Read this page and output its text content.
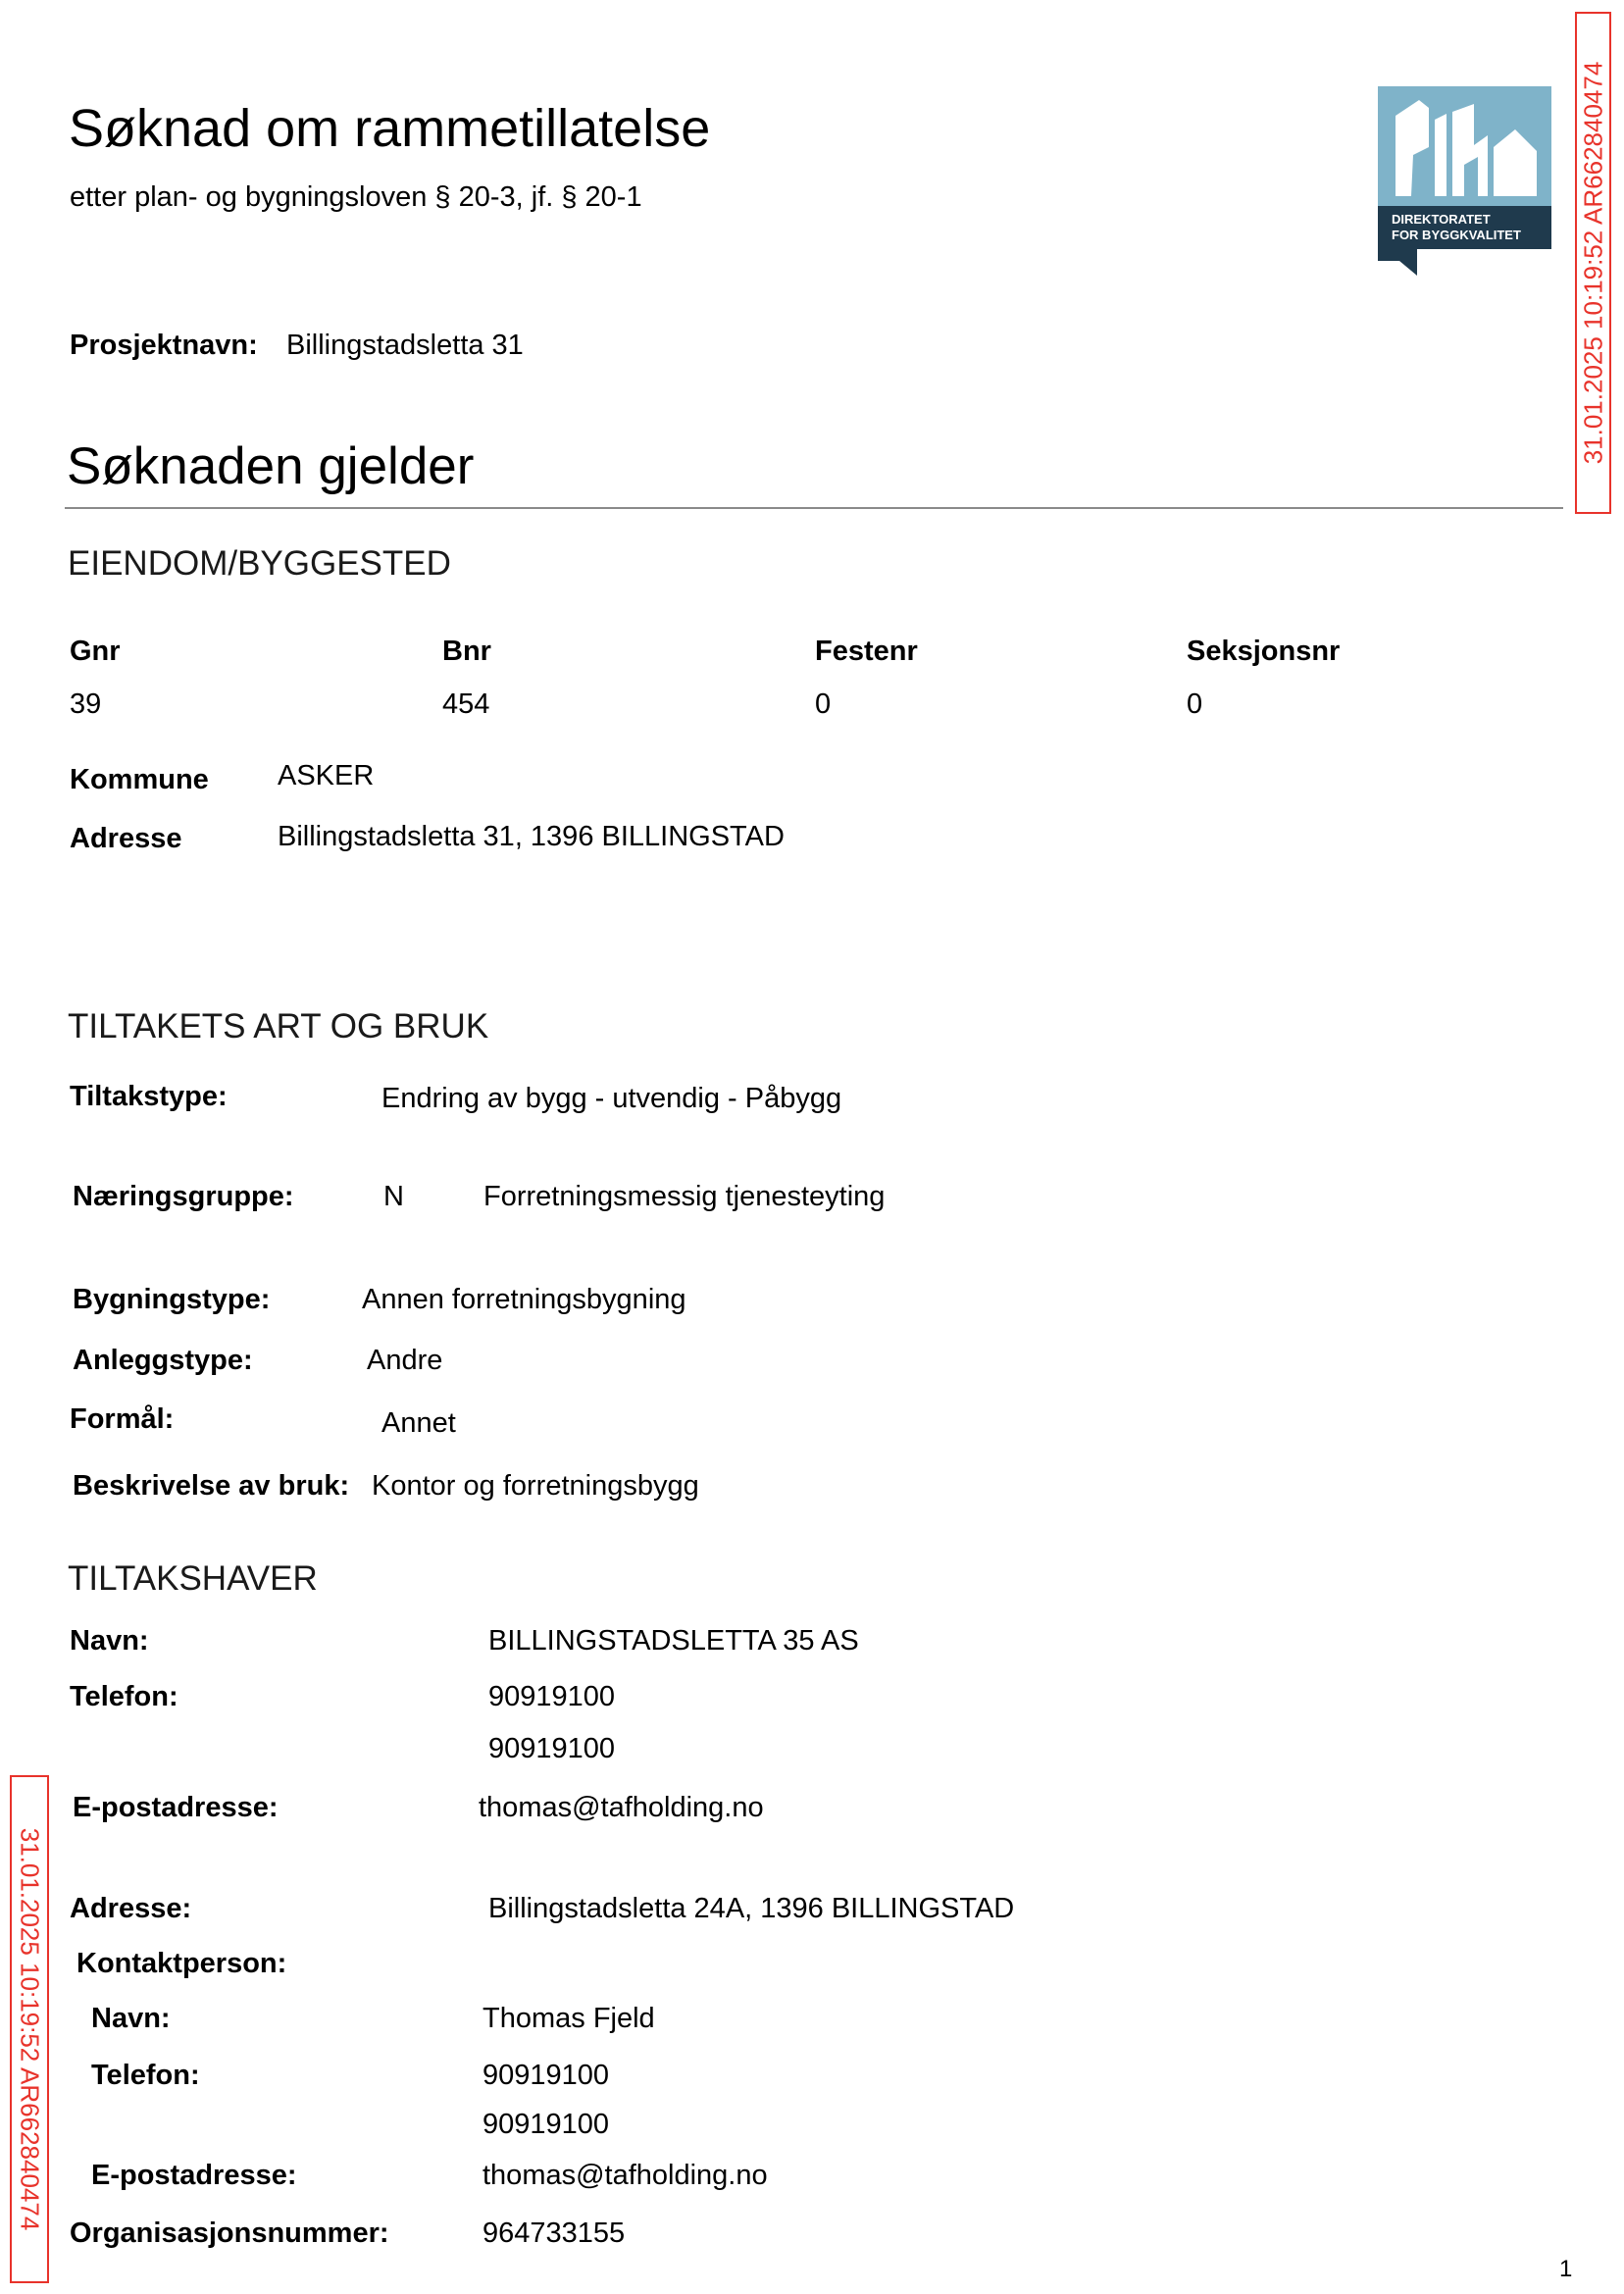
Søknad om rammetillatelse
etter plan- og bygningsloven § 20-3, jf. § 20-1
DIREKTORATET
FOR BYGGKVALITET 31.01.2025 10:19:52 AR662840474
31.01.2025 10:19:52 AR662840474
Prosjektnavn: Billingstadsletta 31
Søknaden gjelder
EIENDOM/BYGGESTED
Gnr	Bnr	Festenr	Seksjonsnr
39	454	0	0
Kommune ASKER
Adresse	Billingstadsletta 31, 1396 BILLINGSTAD
TILTAKETS ART OG BRUK
Tiltakstype:	Endring av bygg - utvendig - Påbygg
Næringsgruppe:	N	Forretningsmessig tjenesteyting
Bygningstype:	Annen forretningsbygning
Anleggstype:	Andre
Formål:	Annet
Beskrivelse av bruk: Kontor og forretningsbygg
TILTAKSHAVER
Navn:	BILLINGSTADSLETTA 35 AS
Telefon:	90919100
90919100
E-postadresse:	thomas@tafholding.no
Adresse:	Billingstadsletta 24A, 1396 BILLINGSTAD
Kontaktperson:
Navn:	Thomas Fjeld
Telefon:	90919100
90919100
E-postadresse:	thomas@tafholding.no
Organisasjonsnummer:	964733155
1
